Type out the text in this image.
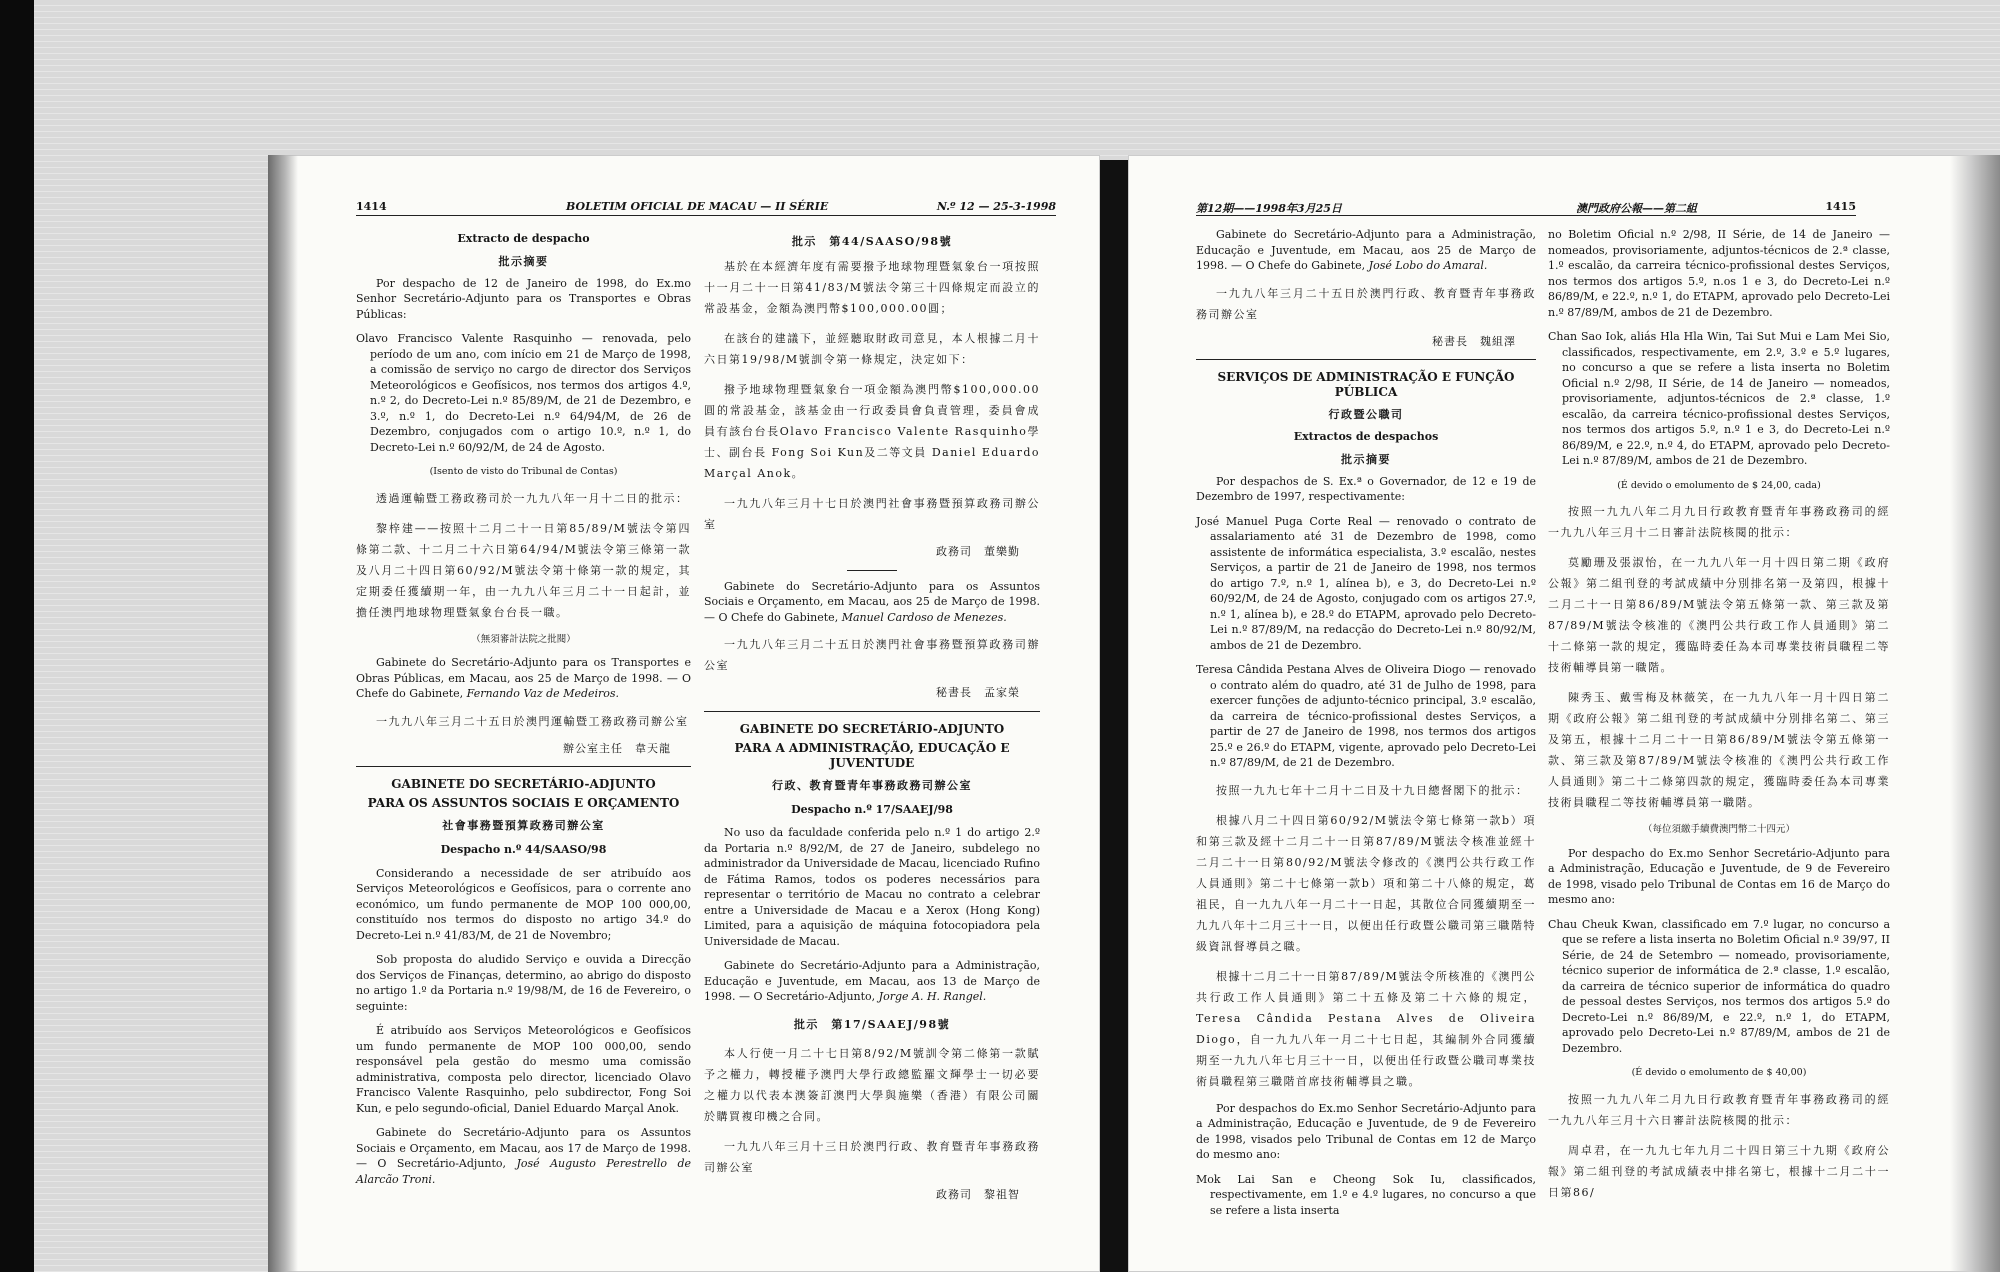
1414	BOLETIM OFICIAL DE MACAU — II SÉRIE	N.º 12 — 25-3-1998

Extracto de despacho
批示摘要

Por despacho de 12 de Janeiro de 1998, do Ex.mo Senhor Secretário-Adjunto para os Transportes e Obras Públicas:

Olavo Francisco Valente Rasquinho — renovada, pelo período de um ano, com início em 21 de Março de 1998, a comissão de serviço no cargo de director dos Serviços Meteorológicos e Geofísicos, nos termos dos artigos 4.º, n.º 2, do Decreto-Lei n.º 85/89/M, de 21 de Dezembro, e 3.º, n.º 1, do Decreto-Lei n.º 64/94/M, de 26 de Dezembro, conjugados com o artigo 10.º, n.º 1, do Decreto-Lei n.º 60/92/M, de 24 de Agosto.

(Isento de visto do Tribunal de Contas)

透過運輸暨工務政務司於一九九八年一月十二日的批示：

黎梓建——按照十二月二十一日第85/89/M號法令第四條第二款、十二月二十六日第64/94/M號法令第三條第一款及八月二十四日第60/92/M號法令第十條第一款的規定，其定期委任獲續期一年，由一九九八年三月二十一日起計，並擔任澳門地球物理暨氣象台台長一職。

（無須審計法院之批閱）

Gabinete do Secretário-Adjunto para os Transportes e Obras Públicas, em Macau, aos 25 de Março de 1998. — O Chefe do Gabinete, Fernando Vaz de Medeiros.

一九九八年三月二十五日於澳門運輸暨工務政務司辦公室

辦公室主任　韋天龍
GABINETE DO SECRETÁRIO-ADJUNTO
PARA OS ASSUNTOS SOCIAIS E ORÇAMENTO
社會事務暨預算政務司辦公室
Despacho n.º 44/SAASO/98

Considerando a necessidade de ser atribuído aos Serviços Meteorológicos e Geofísicos, para o corrente ano económico, um fundo permanente de MOP 100 000,00, constituído nos termos do disposto no artigo 34.º do Decreto-Lei n.º 41/83/M, de 21 de Novembro;

Sob proposta do aludido Serviço e ouvida a Direcção dos Serviços de Finanças, determino, ao abrigo do disposto no artigo 1.º da Portaria n.º 19/98/M, de 16 de Fevereiro, o seguinte:

É atribuído aos Serviços Meteorológicos e Geofísicos um fundo permanente de MOP 100 000,00, sendo responsável pela gestão do mesmo uma comissão administrativa, composta pelo director, licenciado Olavo Francisco Valente Rasquinho, pelo subdirector, Fong Soi Kun, e pelo segundo-oficial, Daniel Eduardo Marçal Anok.

Gabinete do Secretário-Adjunto para os Assuntos Sociais e Orçamento, em Macau, aos 17 de Março de 1998. — O Secretário-Adjunto, José Augusto Perestrello de Alarcão Troni.

批示　第44/SAASO/98號

基於在本經濟年度有需要撥予地球物理暨氣象台一項按照十一月二十一日第41/83/M號法令第三十四條規定而設立的常設基金，金額為澳門幣$100,000.00圓；

在該台的建議下，並經聽取財政司意見，本人根據二月十六日第19/98/M號訓令第一條規定，決定如下：

撥予地球物理暨氣象台一項金額為澳門幣$100,000.00圓的常設基金，該基金由一行政委員會負責管理，委員會成員有該台台長Olavo Francisco Valente Rasquinho學士、副台長 Fong Soi Kun及二等文員 Daniel Eduardo Marçal Anok。

一九九八年三月十七日於澳門社會事務暨預算政務司辦公室

政務司　董樂勤

Gabinete do Secretário-Adjunto para os Assuntos Sociais e Orçamento, em Macau, aos 25 de Março de 1998. — O Chefe do Gabinete, Manuel Cardoso de Menezes.

一九九八年三月二十五日於澳門社會事務暨預算政務司辦公室

秘書長　孟家榮
GABINETE DO SECRETÁRIO-ADJUNTO
PARA A ADMINISTRAÇÃO, EDUCAÇÃO E JUVENTUDE
行政、教育暨青年事務政務司辦公室
Despacho n.º 17/SAAEJ/98

No uso da faculdade conferida pelo n.º 1 do artigo 2.º da Portaria n.º 8/92/M, de 27 de Janeiro, subdelego no administrador da Universidade de Macau, licenciado Rufino de Fátima Ramos, todos os poderes necessários para representar o território de Macau no contrato a celebrar entre a Universidade de Macau e a Xerox (Hong Kong) Limited, para a aquisição de máquina fotocopiadora pela Universidade de Macau.

Gabinete do Secretário-Adjunto para a Administração, Educação e Juventude, em Macau, aos 13 de Março de 1998. — O Secretário-Adjunto, Jorge A. H. Rangel.

批示　第17/SAAEJ/98號

本人行使一月二十七日第8/92/M號訓令第二條第一款賦予之權力，轉授權予澳門大學行政總監羅文輝學士一切必要之權力以代表本澳簽訂澳門大學與施樂（香港）有限公司關於購買複印機之合同。

一九九八年三月十三日於澳門行政、教育暨青年事務政務司辦公室

政務司　黎祖智
第12期——1998年3月25日	澳門政府公報——第二組	1415

Gabinete do Secretário-Adjunto para a Administração, Educação e Juventude, em Macau, aos 25 de Março de 1998. — O Chefe do Gabinete, José Lobo do Amaral.

一九九八年三月二十五日於澳門行政、教育暨青年事務政務司辦公室

秘書長　魏組澤
SERVIÇOS DE ADMINISTRAÇÃO E FUNÇÃO PÚBLICA
行政暨公職司
Extractos de despachos
批示摘要

Por despachos de S. Ex.ª o Governador, de 12 e 19 de Dezembro de 1997, respectivamente:

José Manuel Puga Corte Real — renovado o contrato de assalariamento até 31 de Dezembro de 1998, como assistente de informática especialista, 3.º escalão, nestes Serviços, a partir de 21 de Janeiro de 1998, nos termos do artigo 7.º, n.º 1, alínea b), e 3, do Decreto-Lei n.º 60/92/M, de 24 de Agosto, conjugado com os artigos 27.º, n.º 1, alínea b), e 28.º do ETAPM, aprovado pelo Decreto-Lei n.º 87/89/M, na redacção do Decreto-Lei n.º 80/92/M, ambos de 21 de Dezembro.

Teresa Cândida Pestana Alves de Oliveira Diogo — renovado o contrato além do quadro, até 31 de Julho de 1998, para exercer funções de adjunto-técnico principal, 3.º escalão, da carreira de técnico-profissional destes Serviços, a partir de 27 de Janeiro de 1998, nos termos dos artigos 25.º e 26.º do ETAPM, vigente, aprovado pelo Decreto-Lei n.º 87/89/M, de 21 de Dezembro.

按照一九九七年十二月十二日及十九日總督閣下的批示：

根據八月二十四日第60/92/M號法令第七條第一款b）項和第三款及經十二月二十一日第87/89/M號法令核准並經十二月二十一日第80/92/M號法令修改的《澳門公共行政工作人員通則》第二十七條第一款b）項和第二十八條的規定，葛祖民，自一九九八年一月二十一日起，其散位合同獲續期至一九九八年十二月三十一日，以便出任行政暨公職司第三職階特級資訊督導員之職。

根據十二月二十一日第87/89/M號法令所核准的《澳門公共行政工作人員通則》第二十五條及第二十六條的規定，Teresa Cândida Pestana Alves de Oliveira Diogo，自一九九八年一月二十七日起，其編制外合同獲續期至一九九八年七月三十一日，以便出任行政暨公職司專業技術員職程第三職階首席技術輔導員之職。

Por despachos do Ex.mo Senhor Secretário-Adjunto para a Administração, Educação e Juventude, de 9 de Fevereiro de 1998, visados pelo Tribunal de Contas em 12 de Março do mesmo ano:

Mok Lai San e Cheong Sok Iu, classificados, respectivamente, em 1.º e 4.º lugares, no concurso a que se refere a lista inserta

no Boletim Oficial n.º 2/98, II Série, de 14 de Janeiro — nomeados, provisoriamente, adjuntos-técnicos de 2.ª classe, 1.º escalão, da carreira técnico-profissional destes Serviços, nos termos dos artigos 5.º, n.os 1 e 3, do Decreto-Lei n.º 86/89/M, e 22.º, n.º 1, do ETAPM, aprovado pelo Decreto-Lei n.º 87/89/M, ambos de 21 de Dezembro.

Chan Sao Iok, aliás Hla Hla Win, Tai Sut Mui e Lam Mei Sio, classificados, respectivamente, em 2.º, 3.º e 5.º lugares, no concurso a que se refere a lista inserta no Boletim Oficial n.º 2/98, II Série, de 14 de Janeiro — nomeados, provisoriamente, adjuntos-técnicos de 2.ª classe, 1.º escalão, da carreira técnico-profissional destes Serviços, nos termos dos artigos 5.º, n.º 1 e 3, do Decreto-Lei n.º 86/89/M, e 22.º, n.º 4, do ETAPM, aprovado pelo Decreto-Lei n.º 87/89/M, ambos de 21 de Dezembro.

(É devido o emolumento de $ 24,00, cada)

按照一九九八年二月九日行政教育暨青年事務政務司的經一九九八年三月十二日審計法院核閱的批示：

莫勵珊及張淑怡，在一九九八年一月十四日第二期《政府公報》第二組刊登的考試成績中分別排名第一及第四，根據十二月二十一日第86/89/M號法令第五條第一款、第三款及第87/89/M號法令核准的《澳門公共行政工作人員通則》第二十二條第一款的規定，獲臨時委任為本司專業技術員職程二等技術輔導員第一職階。

陳秀玉、戴雪梅及林薇笑，在一九九八年一月十四日第二期《政府公報》第二組刊登的考試成績中分別排名第二、第三及第五，根據十二月二十一日第86/89/M號法令第五條第一款、第三款及第87/89/M號法令核准的《澳門公共行政工作人員通則》第二十二條第四款的規定，獲臨時委任為本司專業技術員職程二等技術輔導員第一職階。

（每位須繳手續費澳門幣二十四元）

Por despacho do Ex.mo Senhor Secretário-Adjunto para a Administração, Educação e Juventude, de 9 de Fevereiro de 1998, visado pelo Tribunal de Contas em 16 de Março do mesmo ano:

Chau Cheuk Kwan, classificado em 7.º lugar, no concurso a que se refere a lista inserta no Boletim Oficial n.º 39/97, II Série, de 24 de Setembro — nomeado, provisoriamente, técnico superior de informática de 2.ª classe, 1.º escalão, da carreira de técnico superior de informática do quadro de pessoal destes Serviços, nos termos dos artigos 5.º do Decreto-Lei n.º 86/89/M, e 22.º, n.º 1, do ETAPM, aprovado pelo Decreto-Lei n.º 87/89/M, ambos de 21 de Dezembro.

(É devido o emolumento de $ 40,00)

按照一九九八年二月九日行政教育暨青年事務政務司的經一九九八年三月十六日審計法院核閱的批示：

周卓君，在一九九七年九月二十四日第三十九期《政府公報》第二組刊登的考試成績表中排名第七，根據十二月二十一日第86/
